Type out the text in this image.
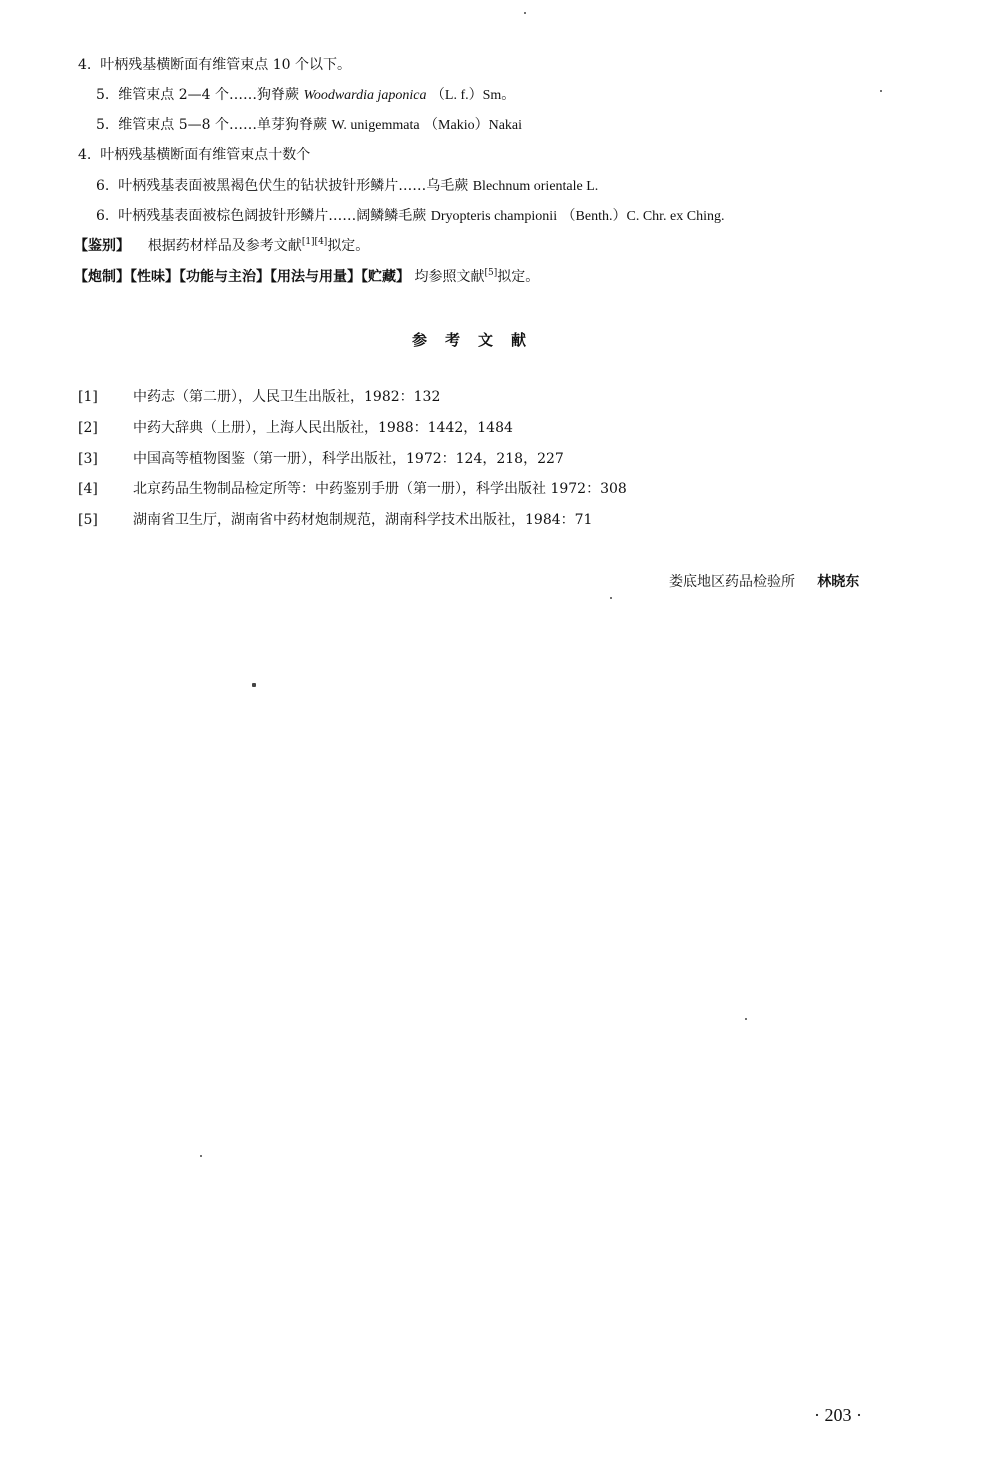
4. 叶柄残基横断面有维管束点 10 个以下。
5. 维管束点 2—4 个……狗脊蕨 Woodwardia japonica （L. f.）Sm。
5. 维管束点 5—8 个……单芽狗脊蕨 W. unigemmata （Makio）Nakai
4. 叶柄残基横断面有维管束点十数个
6. 叶柄残基表面被黑褐色伏生的钻状披针形鳞片……乌毛蕨 Blechnum orientale L.
6. 叶柄残基表面被棕色阔披针形鳞片……阔鳞鳞毛蕨 Dryopteris championii （Benth.）C. Chr. ex Ching.
【鉴别】 根据药材样品及参考文献[1][4]拟定。
【炮制】【性味】【功能与主治】【用法与用量】【贮藏】 均参照文献[5]拟定。
参考文献
[1]	中药志（第二册），人民卫生出版社，1982：132
[2]	中药大辞典（上册），上海人民出版社，1988：1442，1484
[3]	中国高等植物图鉴（第一册），科学出版社，1972：124，218，227
[4]	北京药品生物制品检定所等：中药鉴别手册（第一册），科学出版社 1972：308
[5]	湖南省卫生厅，湖南省中药材炮制规范，湖南科学技术出版社，1984：71
娄底地区药品检验所 林晓东
· 203 ·
